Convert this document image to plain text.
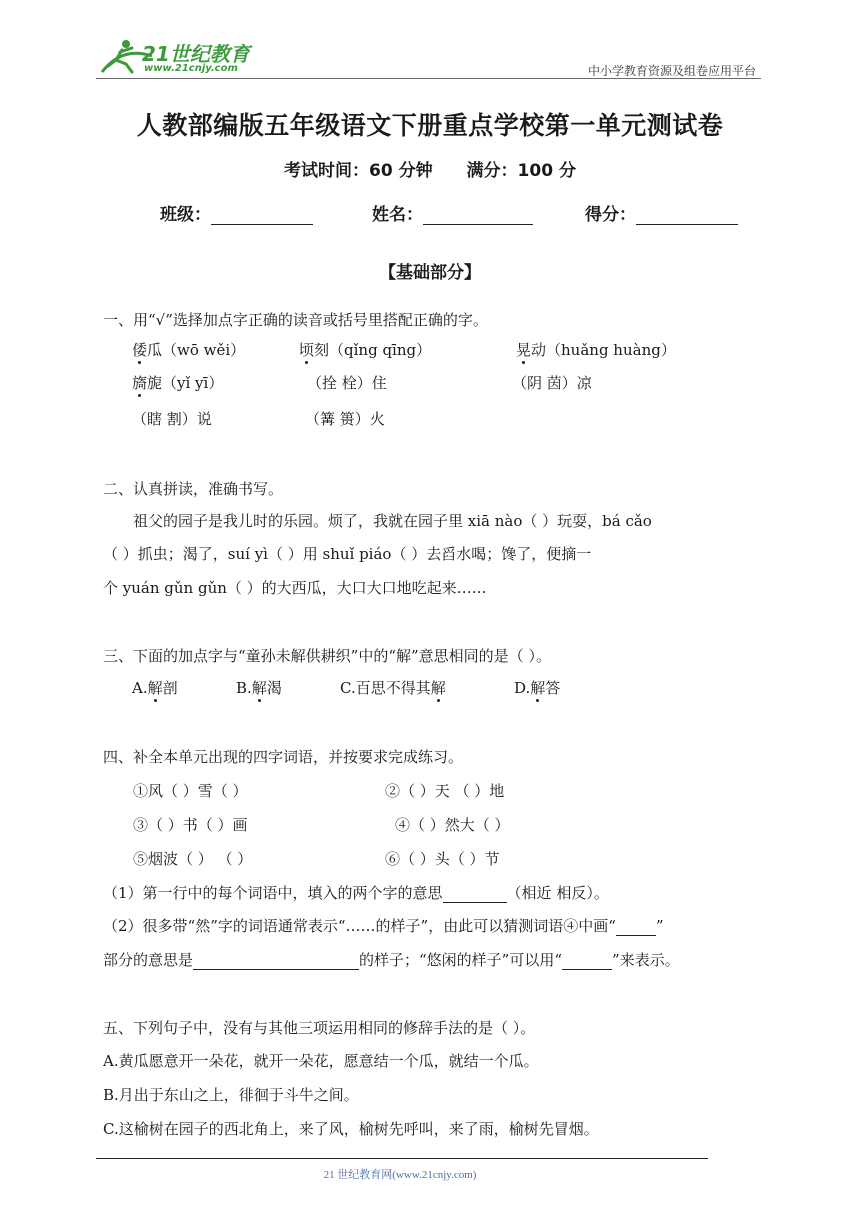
21世纪教育
www.21cnjy.com	中小学教育资源及组卷应用平台
人教部编版五年级语文下册重点学校第一单元测试卷
考试时间：60 分钟 满分：100 分
班级：	姓名：	得分：
【基础部分】
一、用“√”选择加点字正确的读音或括号里搭配正确的字。
倭瓜（wō wěi）	顷刻（qǐng qīng）	晃动（huǎng huàng）
旖旎（yǐ yī）	（拴 栓）住	（阴 茵）凉
（瞎 割）说	（篝 篑）火
二、认真拼读，准确书写。
祖父的园子是我儿时的乐园。烦了，我就在园子里 xiā nào（ ）玩耍，bá cǎo
（ ）抓虫；渴了，suí yì（ ）用 shuǐ piáo（ ）去舀水喝；馋了，便摘一
个 yuán gǔn gǔn（ ）的大西瓜，大口大口地吃起来……
三、下面的加点字与“童孙未解供耕织”中的“解”意思相同的是（ ）。
A.解剖	B.解渴	C.百思不得其解	D.解答
四、补全本单元出现的四字词语，并按要求完成练习。
①风（ ）雪（ ）	②（ ）天 （ ）地
③（ ）书（ ）画	④（ ）然大（ ）
⑤烟波（ ） （ ）	⑥（ ）头（ ）节
（1）第一行中的每个词语中，填入的两个字的意思	（相近 相反）。
（2）很多带“然”字的词语通常表示“……的样子”，由此可以猜测词语④中画“	”
部分的意思是	的样子；“悠闲的样子”可以用“	”来表示。
五、下列句子中，没有与其他三项运用相同的修辞手法的是（ ）。
A.黄瓜愿意开一朵花，就开一朵花，愿意结一个瓜，就结一个瓜。
B.月出于东山之上，徘徊于斗牛之间。
C.这榆树在园子的西北角上，来了风，榆树先呼叫，来了雨，榆树先冒烟。
21 世纪教育网(www.21cnjy.com)
